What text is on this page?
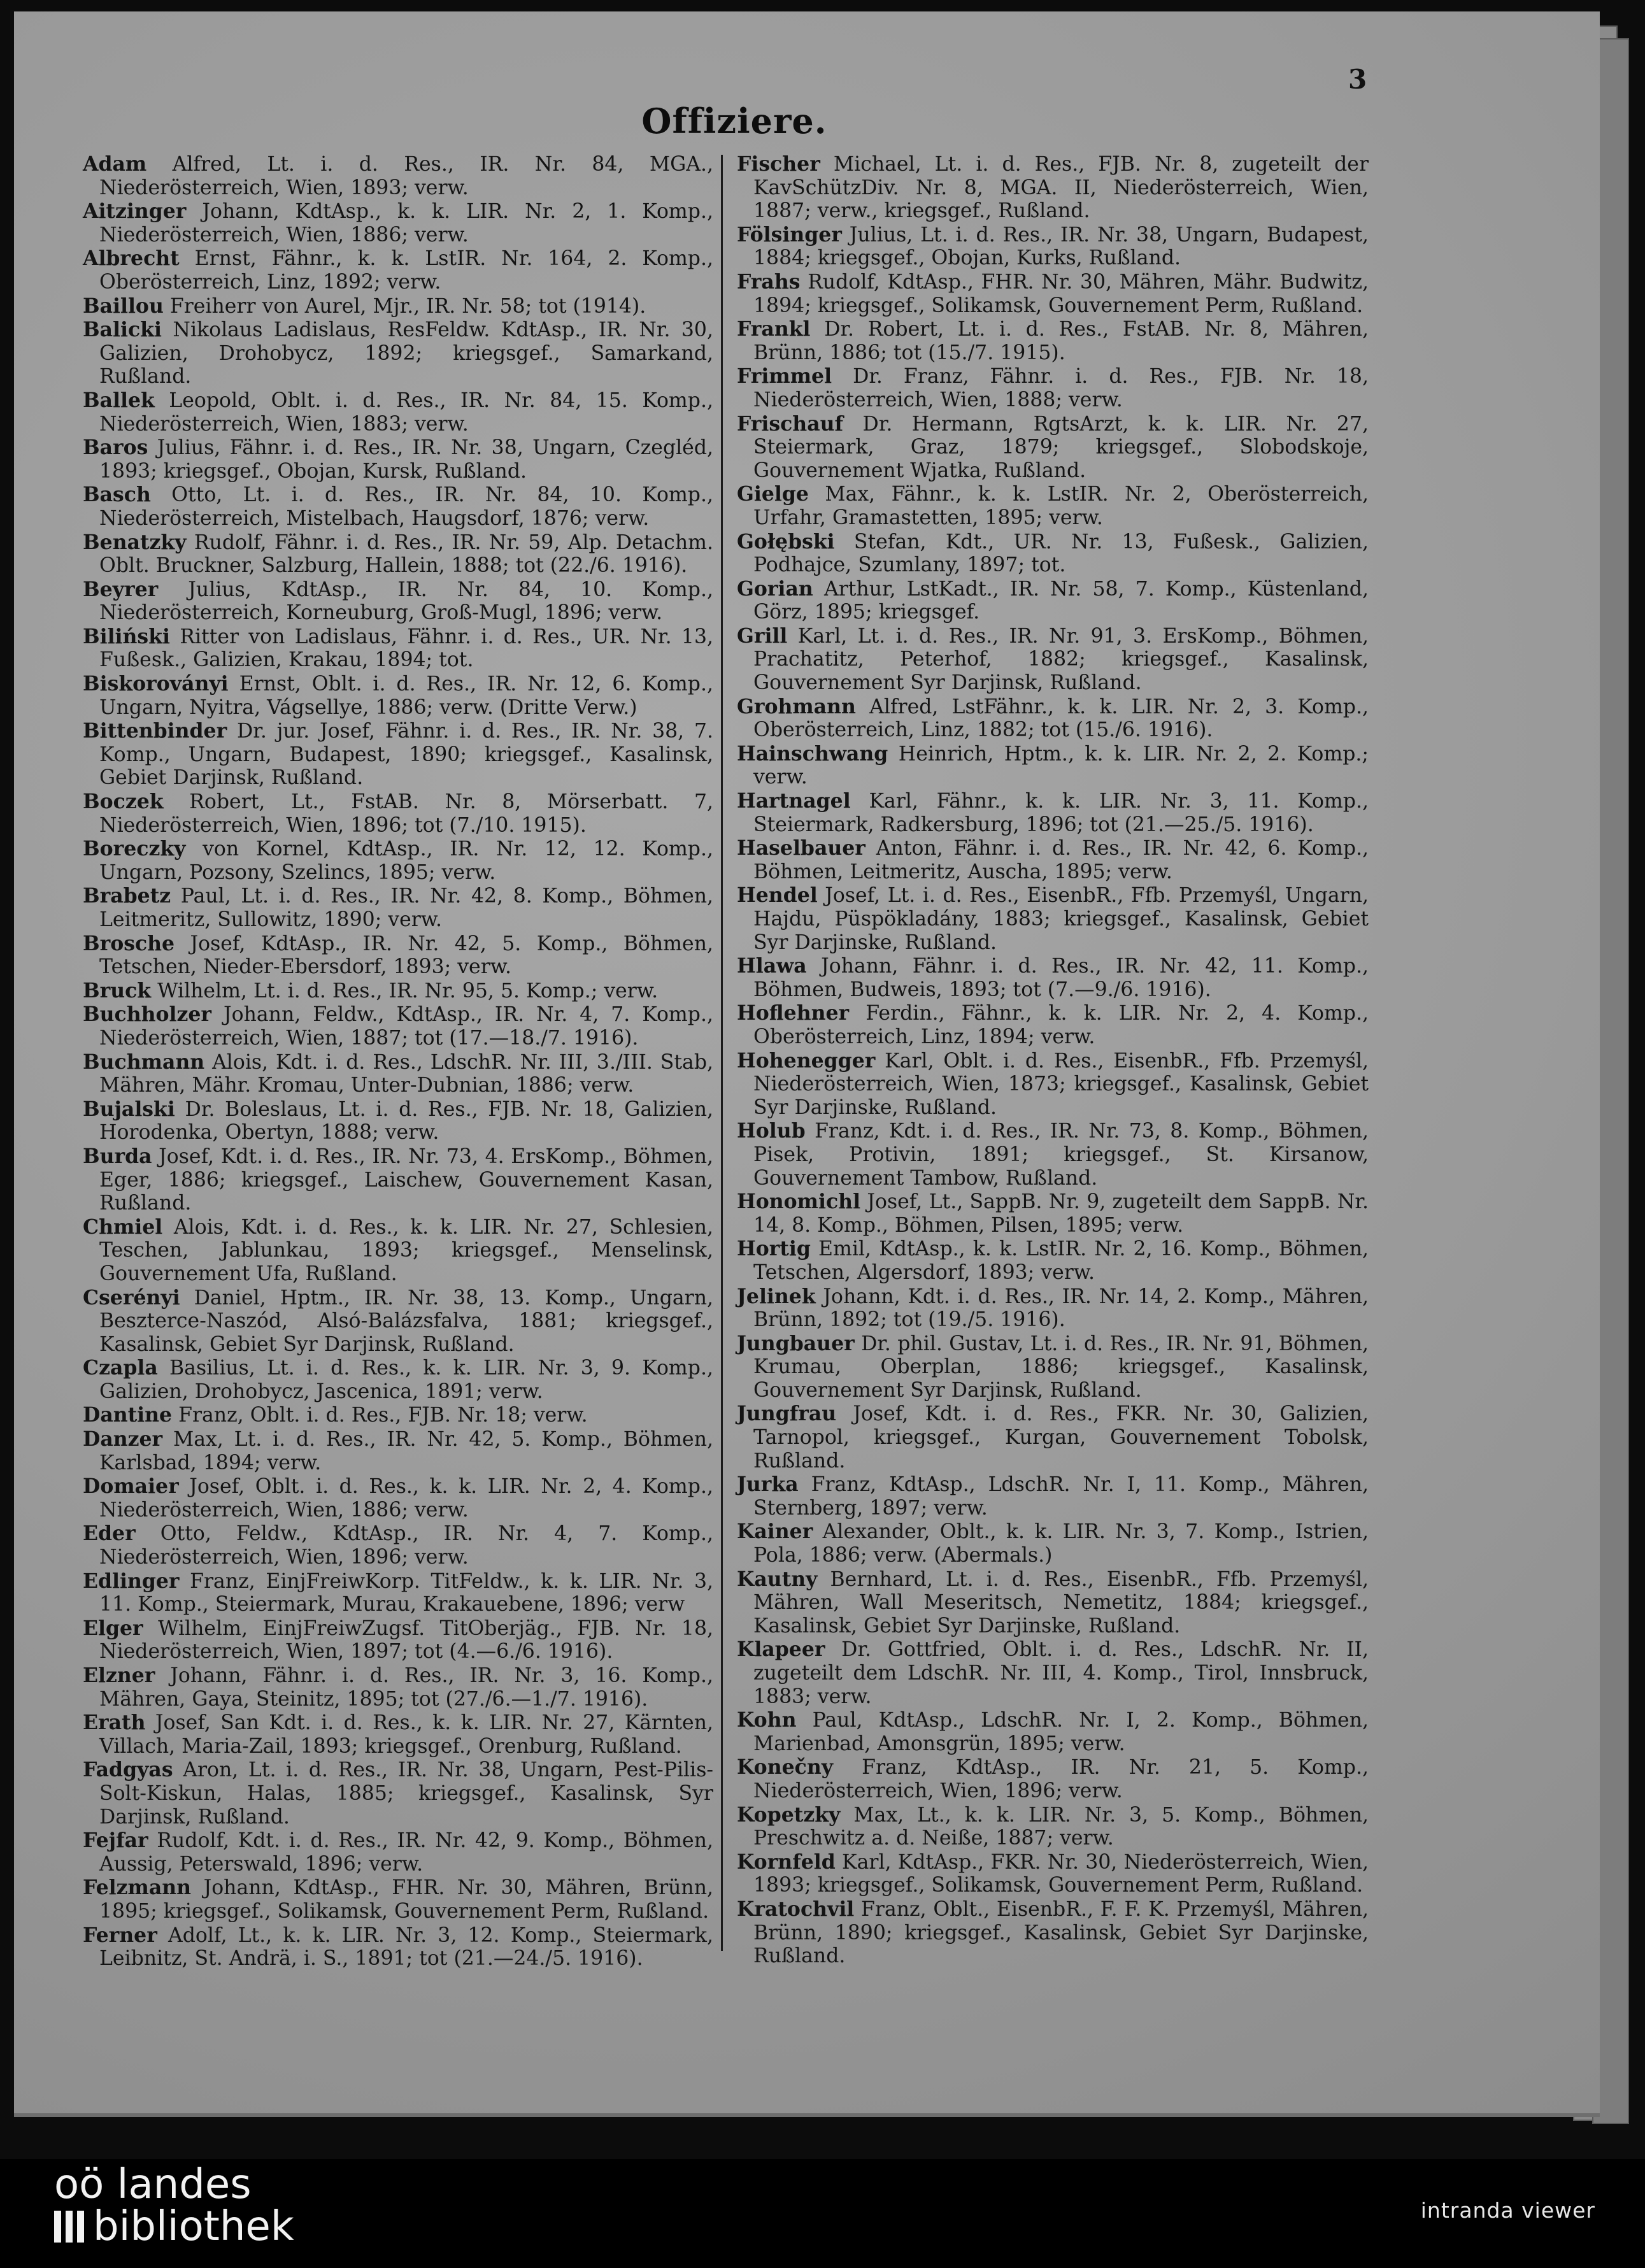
3
Offiziere.

Adam Alfred, Lt. i. d. Res., IR. Nr. 84, MGA., Niederösterreich, Wien, 1893; verw.

Aitzinger Johann, KdtAsp., k. k. LIR. Nr. 2, 1. Komp., Niederösterreich, Wien, 1886; verw.

Albrecht Ernst, Fähnr., k. k. LstIR. Nr. 164, 2. Komp., Oberösterreich, Linz, 1892; verw.

Baillou Freiherr von Aurel, Mjr., IR. Nr. 58; tot (1914).

Balicki Nikolaus Ladislaus, ResFeldw. KdtAsp., IR. Nr. 30, Galizien, Drohobycz, 1892; kriegsgef., Samarkand, Rußland.

Ballek Leopold, Oblt. i. d. Res., IR. Nr. 84, 15. Komp., Niederösterreich, Wien, 1883; verw.

Baros Julius, Fähnr. i. d. Res., IR. Nr. 38, Ungarn, Czegléd, 1893; kriegsgef., Obojan, Kursk, Rußland.

Basch Otto, Lt. i. d. Res., IR. Nr. 84, 10. Komp., Niederösterreich, Mistelbach, Haugsdorf, 1876; verw.

Benatzky Rudolf, Fähnr. i. d. Res., IR. Nr. 59, Alp. Detachm. Oblt. Bruckner, Salzburg, Hallein, 1888; tot (22./6. 1916).

Beyrer Julius, KdtAsp., IR. Nr. 84, 10. Komp., Niederösterreich, Korneuburg, Groß-Mugl, 1896; verw.

Biliński Ritter von Ladislaus, Fähnr. i. d. Res., UR. Nr. 13, Fußesk., Galizien, Krakau, 1894; tot.

Biskoroványi Ernst, Oblt. i. d. Res., IR. Nr. 12, 6. Komp., Ungarn, Nyitra, Vágsellye, 1886; verw. (Dritte Verw.)

Bittenbinder Dr. jur. Josef, Fähnr. i. d. Res., IR. Nr. 38, 7. Komp., Ungarn, Budapest, 1890; kriegsgef., Kasalinsk, Gebiet Darjinsk, Rußland.

Boczek Robert, Lt., FstAB. Nr. 8, Mörserbatt. 7, Niederösterreich, Wien, 1896; tot (7./10. 1915).

Boreczky von Kornel, KdtAsp., IR. Nr. 12, 12. Komp., Ungarn, Pozsony, Szelincs, 1895; verw.

Brabetz Paul, Lt. i. d. Res., IR. Nr. 42, 8. Komp., Böhmen, Leitmeritz, Sullowitz, 1890; verw.

Brosche Josef, KdtAsp., IR. Nr. 42, 5. Komp., Böhmen, Tetschen, Nieder-Ebersdorf, 1893; verw.

Bruck Wilhelm, Lt. i. d. Res., IR. Nr. 95, 5. Komp.; verw.

Buchholzer Johann, Feldw., KdtAsp., IR. Nr. 4, 7. Komp., Niederösterreich, Wien, 1887; tot (17.—18./7. 1916).

Buchmann Alois, Kdt. i. d. Res., LdschR. Nr. III, 3./III. Stab, Mähren, Mähr. Kromau, Unter-Dubnian, 1886; verw.

Bujalski Dr. Boleslaus, Lt. i. d. Res., FJB. Nr. 18, Galizien, Horodenka, Obertyn, 1888; verw.

Burda Josef, Kdt. i. d. Res., IR. Nr. 73, 4. ErsKomp., Böhmen, Eger, 1886; kriegsgef., Laischew, Gouvernement Kasan, Rußland.

Chmiel Alois, Kdt. i. d. Res., k. k. LIR. Nr. 27, Schlesien, Teschen, Jablunkau, 1893; kriegsgef., Menselinsk, Gouvernement Ufa, Rußland.

Cserényi Daniel, Hptm., IR. Nr. 38, 13. Komp., Ungarn, Beszterce-Naszód, Alsó-Balázsfalva, 1881; kriegsgef., Kasalinsk, Gebiet Syr Darjinsk, Rußland.

Czapla Basilius, Lt. i. d. Res., k. k. LIR. Nr. 3, 9. Komp., Galizien, Drohobycz, Jascenica, 1891; verw.

Dantine Franz, Oblt. i. d. Res., FJB. Nr. 18; verw.

Danzer Max, Lt. i. d. Res., IR. Nr. 42, 5. Komp., Böhmen, Karlsbad, 1894; verw.

Domaier Josef, Oblt. i. d. Res., k. k. LIR. Nr. 2, 4. Komp., Niederösterreich, Wien, 1886; verw.

Eder Otto, Feldw., KdtAsp., IR. Nr. 4, 7. Komp., Niederösterreich, Wien, 1896; verw.

Edlinger Franz, EinjFreiwKorp. TitFeldw., k. k. LIR. Nr. 3, 11. Komp., Steiermark, Murau, Krakauebene, 1896; verw

Elger Wilhelm, EinjFreiwZugsf. TitOberjäg., FJB. Nr. 18, Niederösterreich, Wien, 1897; tot (4.—6./6. 1916).

Elzner Johann, Fähnr. i. d. Res., IR. Nr. 3, 16. Komp., Mähren, Gaya, Steinitz, 1895; tot (27./6.—1./7. 1916).

Erath Josef, San Kdt. i. d. Res., k. k. LIR. Nr. 27, Kärnten, Villach, Maria-Zail, 1893; kriegsgef., Orenburg, Rußland.

Fadgyas Aron, Lt. i. d. Res., IR. Nr. 38, Ungarn, Pest-Pilis-Solt-Kiskun, Halas, 1885; kriegsgef., Kasalinsk, Syr Darjinsk, Rußland.

Fejfar Rudolf, Kdt. i. d. Res., IR. Nr. 42, 9. Komp., Böhmen, Aussig, Peterswald, 1896; verw.

Felzmann Johann, KdtAsp., FHR. Nr. 30, Mähren, Brünn, 1895; kriegsgef., Solikamsk, Gouvernement Perm, Rußland.

Ferner Adolf, Lt., k. k. LIR. Nr. 3, 12. Komp., Steiermark, Leibnitz, St. Andrä, i. S., 1891; tot (21.—24./5. 1916).

Fischer Michael, Lt. i. d. Res., FJB. Nr. 8, zugeteilt der KavSchützDiv. Nr. 8, MGA. II, Niederösterreich, Wien, 1887; verw., kriegsgef., Rußland.

Fölsinger Julius, Lt. i. d. Res., IR. Nr. 38, Ungarn, Budapest, 1884; kriegsgef., Obojan, Kurks, Rußland.

Frahs Rudolf, KdtAsp., FHR. Nr. 30, Mähren, Mähr. Budwitz, 1894; kriegsgef., Solikamsk, Gouvernement Perm, Rußland.

Frankl Dr. Robert, Lt. i. d. Res., FstAB. Nr. 8, Mähren, Brünn, 1886; tot (15./7. 1915).

Frimmel Dr. Franz, Fähnr. i. d. Res., FJB. Nr. 18, Niederösterreich, Wien, 1888; verw.

Frischauf Dr. Hermann, RgtsArzt, k. k. LIR. Nr. 27, Steiermark, Graz, 1879; kriegsgef., Slobodskoje, Gouvernement Wjatka, Rußland.

Gielge Max, Fähnr., k. k. LstIR. Nr. 2, Oberösterreich, Urfahr, Gramastetten, 1895; verw.

Gołębski Stefan, Kdt., UR. Nr. 13, Fußesk., Galizien, Podhajce, Szumlany, 1897; tot.

Gorian Arthur, LstKadt., IR. Nr. 58, 7. Komp., Küstenland, Görz, 1895; kriegsgef.

Grill Karl, Lt. i. d. Res., IR. Nr. 91, 3. ErsKomp., Böhmen, Prachatitz, Peterhof, 1882; kriegsgef., Kasalinsk, Gouvernement Syr Darjinsk, Rußland.

Grohmann Alfred, LstFähnr., k. k. LIR. Nr. 2, 3. Komp., Oberösterreich, Linz, 1882; tot (15./6. 1916).

Hainschwang Heinrich, Hptm., k. k. LIR. Nr. 2, 2. Komp.; verw.

Hartnagel Karl, Fähnr., k. k. LIR. Nr. 3, 11. Komp., Steiermark, Radkersburg, 1896; tot (21.—25./5. 1916).

Haselbauer Anton, Fähnr. i. d. Res., IR. Nr. 42, 6. Komp., Böhmen, Leitmeritz, Auscha, 1895; verw.

Hendel Josef, Lt. i. d. Res., EisenbR., Ffb. Przemyśl, Ungarn, Hajdu, Püspökladány, 1883; kriegsgef., Kasalinsk, Gebiet Syr Darjinske, Rußland.

Hlawa Johann, Fähnr. i. d. Res., IR. Nr. 42, 11. Komp., Böhmen, Budweis, 1893; tot (7.—9./6. 1916).

Hoflehner Ferdin., Fähnr., k. k. LIR. Nr. 2, 4. Komp., Oberösterreich, Linz, 1894; verw.

Hohenegger Karl, Oblt. i. d. Res., EisenbR., Ffb. Przemyśl, Niederösterreich, Wien, 1873; kriegsgef., Kasalinsk, Gebiet Syr Darjinske, Rußland.

Holub Franz, Kdt. i. d. Res., IR. Nr. 73, 8. Komp., Böhmen, Pisek, Protivin, 1891; kriegsgef., St. Kirsanow, Gouvernement Tambow, Rußland.

Honomichl Josef, Lt., SappB. Nr. 9, zugeteilt dem SappB. Nr. 14, 8. Komp., Böhmen, Pilsen, 1895; verw.

Hortig Emil, KdtAsp., k. k. LstIR. Nr. 2, 16. Komp., Böhmen, Tetschen, Algersdorf, 1893; verw.

Jelinek Johann, Kdt. i. d. Res., IR. Nr. 14, 2. Komp., Mähren, Brünn, 1892; tot (19./5. 1916).

Jungbauer Dr. phil. Gustav, Lt. i. d. Res., IR. Nr. 91, Böhmen, Krumau, Oberplan, 1886; kriegsgef., Kasalinsk, Gouvernement Syr Darjinsk, Rußland.

Jungfrau Josef, Kdt. i. d. Res., FKR. Nr. 30, Galizien, Tarnopol, kriegsgef., Kurgan, Gouvernement Tobolsk, Rußland.

Jurka Franz, KdtAsp., LdschR. Nr. I, 11. Komp., Mähren, Sternberg, 1897; verw.

Kainer Alexander, Oblt., k. k. LIR. Nr. 3, 7. Komp., Istrien, Pola, 1886; verw. (Abermals.)

Kautny Bernhard, Lt. i. d. Res., EisenbR., Ffb. Przemyśl, Mähren, Wall Meseritsch, Nemetitz, 1884; kriegsgef., Kasalinsk, Gebiet Syr Darjinske, Rußland.

Klapeer Dr. Gottfried, Oblt. i. d. Res., LdschR. Nr. II, zugeteilt dem LdschR. Nr. III, 4. Komp., Tirol, Innsbruck, 1883; verw.

Kohn Paul, KdtAsp., LdschR. Nr. I, 2. Komp., Böhmen, Marienbad, Amonsgrün, 1895; verw.

Konečny Franz, KdtAsp., IR. Nr. 21, 5. Komp., Niederösterreich, Wien, 1896; verw.

Kopetzky Max, Lt., k. k. LIR. Nr. 3, 5. Komp., Böhmen, Preschwitz a. d. Neiße, 1887; verw.

Kornfeld Karl, KdtAsp., FKR. Nr. 30, Niederösterreich, Wien, 1893; kriegsgef., Solikamsk, Gouvernement Perm, Rußland.

Kratochvil Franz, Oblt., EisenbR., F. F. K. Przemyśl, Mähren, Brünn, 1890; kriegsgef., Kasalinsk, Gebiet Syr Darjinske, Rußland.

oö landes
bibliothek	intranda viewer
